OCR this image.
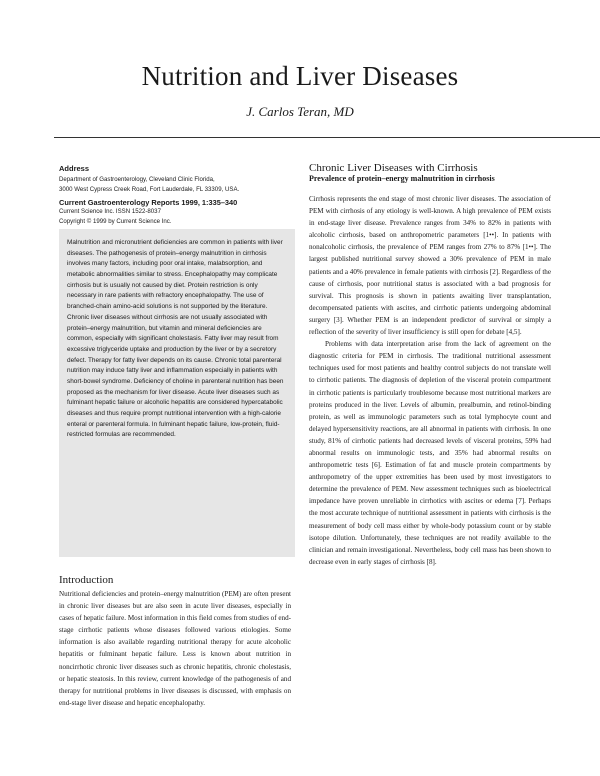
Nutrition and Liver Diseases
J. Carlos Teran, MD

Address

Department of Gastroenterology, Cleveland Clinic Florida,

3000 West Cypress Creek Road, Fort Lauderdale, FL 33309, USA.

Current Gastroenterology Reports 1999, 1:335–340

Current Science Inc. ISSN 1522-8037

Copyright © 1999 by Current Science Inc.

Malnutrition and micronutrient deficiencies are common in patients with liver diseases. The pathogenesis of protein–energy malnutrition in cirrhosis involves many factors, including poor oral intake, malabsorption, and metabolic abnormalities similar to stress. Encephalopathy may complicate cirrhosis but is usually not caused by diet. Protein restriction is only necessary in rare patients with refractory encephalopathy. The use of branched-chain amino-acid solutions is not supported by the literature. Chronic liver diseases without cirrhosis are not usually associated with protein–energy malnutrition, but vitamin and mineral deficiencies are common, especially with significant cholestasis. Fatty liver may result from excessive triglyceride uptake and production by the liver or by a secretory defect. Therapy for fatty liver depends on its cause. Chronic total parenteral nutrition may induce fatty liver and inflammation especially in patients with short-bowel syndrome. Deficiency of choline in parenteral nutrition has been proposed as the mechanism for liver disease. Acute liver diseases such as fulminant hepatic failure or alcoholic hepatitis are considered hypercatabolic diseases and thus require prompt nutritional intervention with a high-calorie enteral or parenteral formula. In fulminant hepatic failure, low-protein, fluid-restricted formulas are recommended.
Introduction
Nutritional deficiencies and protein–energy malnutrition (PEM) are often present in chronic liver diseases but are also seen in acute liver diseases, especially in cases of hepatic failure. Most information in this field comes from studies of end-stage cirrhotic patients whose diseases followed various etiologies. Some information is also available regarding nutritional therapy for acute alcoholic hepatitis or fulminant hepatic failure. Less is known about nutrition in noncirrhotic chronic liver diseases such as chronic hepatitis, chronic cholestasis, or hepatic steatosis. In this review, current knowledge of the pathogenesis of and therapy for nutritional problems in liver diseases is discussed, with emphasis on end-stage liver disease and hepatic encephalopathy.
Chronic Liver Diseases with Cirrhosis
Prevalence of protein–energy malnutrition in cirrhosis

Cirrhosis represents the end stage of most chronic liver diseases. The association of PEM with cirrhosis of any etiology is well-known. A high prevalence of PEM exists in end-stage liver disease. Prevalence ranges from 34% to 82% in patients with alcoholic cirrhosis, based on anthropometric parameters [1••]. In patients with nonalcoholic cirrhosis, the prevalence of PEM ranges from 27% to 87% [1••]. The largest published nutritional survey showed a 30% prevalence of PEM in male patients and a 40% prevalence in female patients with cirrhosis [2]. Regardless of the cause of cirrhosis, poor nutritional status is associated with a bad prognosis for survival. This prognosis is shown in patients awaiting liver transplantation, decompensated patients with ascites, and cirrhotic patients undergoing abdominal surgery [3]. Whether PEM is an independent predictor of survival or simply a reflection of the severity of liver insufficiency is still open for debate [4,5].

Problems with data interpretation arise from the lack of agreement on the diagnostic criteria for PEM in cirrhosis. The traditional nutritional assessment techniques used for most patients and healthy control subjects do not translate well to cirrhotic patients. The diagnosis of depletion of the visceral protein compartment in cirrhotic patients is particularly troublesome because most nutritional markers are proteins produced in the liver. Levels of albumin, prealbumin, and retinol-binding protein, as well as immunologic parameters such as total lymphocyte count and delayed hypersensitivity reactions, are all abnormal in patients with cirrhosis. In one study, 81% of cirrhotic patients had decreased levels of visceral proteins, 59% had abnormal results on immunologic tests, and 35% had abnormal results on anthropometric tests [6]. Estimation of fat and muscle protein compartments by anthropometry of the upper extremities has been used by most investigators to determine the prevalence of PEM. New assessment techniques such as bioelectrical impedance have proven unreliable in cirrhotics with ascites or edema [7]. Perhaps the most accurate technique of nutritional assessment in patients with cirrhosis is the measurement of body cell mass either by whole-body potassium count or by stable isotope dilution. Unfortunately, these techniques are not readily available to the clinician and remain investigational. Nevertheless, body cell mass has been shown to decrease even in early stages of cirrhosis [8].
